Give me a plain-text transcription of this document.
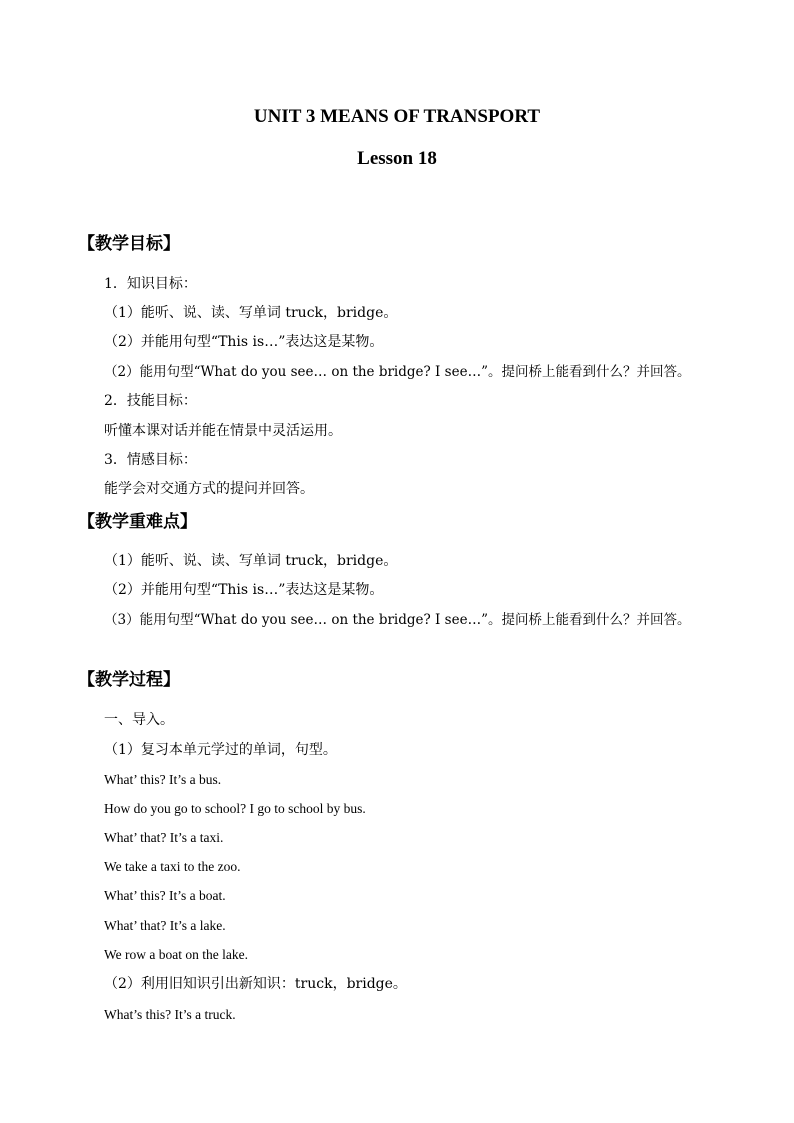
UNIT 3 MEANS OF TRANSPORT
Lesson 18
【教学目标】
1．知识目标：
（1）能听、说、读、写单词 truck，bridge。
（2）并能用句型“This is…”表达这是某物。
（2）能用句型“What do you see… on the bridge? I see…”。提问桥上能看到什么？并回答。
2．技能目标：
听懂本课对话并能在情景中灵活运用。
3．情感目标：
能学会对交通方式的提问并回答。
【教学重难点】
（1）能听、说、读、写单词 truck，bridge。
（2）并能用句型“This is…”表达这是某物。
（3）能用句型“What do you see… on the bridge? I see…”。提问桥上能看到什么？并回答。
【教学过程】
一、导入。
（1）复习本单元学过的单词，句型。
What’ this? It’s a bus.
How do you go to school? I go to school by bus.
What’ that? It’s a taxi.
We take a taxi to the zoo.
What’ this? It’s a boat.
What’ that? It’s a lake.
We row a boat on the lake.
（2）利用旧知识引出新知识：truck，bridge。
What’s this? It’s a truck.
